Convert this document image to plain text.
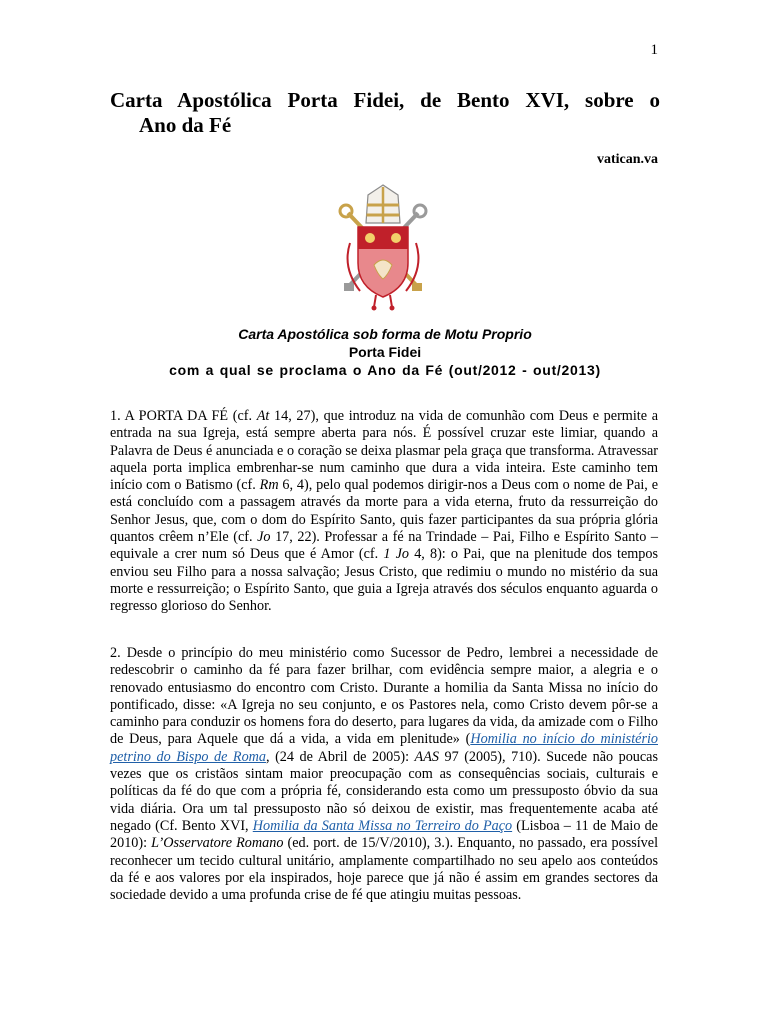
1
Carta Apostólica Porta Fidei, de Bento XVI, sobre o
Ano da Fé
vatican.va
Carta Apostólica sob forma de Motu Proprio
Porta Fidei
com a qual se proclama o Ano da Fé (out/2012 - out/2013)

1. A PORTA DA FÉ (cf. At 14, 27), que introduz na vida de comunhão com Deus e permite a entrada na sua Igreja, está sempre aberta para nós. É possível cruzar este limiar, quando a Palavra de Deus é anunciada e o coração se deixa plasmar pela graça que transforma. Atravessar aquela porta implica embrenhar-se num caminho que dura a vida inteira. Este caminho tem início com o Batismo (cf. Rm 6, 4), pelo qual podemos dirigir-nos a Deus com o nome de Pai, e está concluído com a passagem através da morte para a vida eterna, fruto da ressurreição do Senhor Jesus, que, com o dom do Espírito Santo, quis fazer participantes da sua própria glória quantos crêem n’Ele (cf. Jo 17, 22). Professar a fé na Trindade – Pai, Filho e Espírito Santo – equivale a crer num só Deus que é Amor (cf. 1 Jo 4, 8): o Pai, que na plenitude dos tempos enviou seu Filho para a nossa salvação; Jesus Cristo, que redimiu o mundo no mistério da sua morte e ressurreição; o Espírito Santo, que guia a Igreja através dos séculos enquanto aguarda o regresso glorioso do Senhor.

2. Desde o princípio do meu ministério como Sucessor de Pedro, lembrei a necessidade de redescobrir o caminho da fé para fazer brilhar, com evidência sempre maior, a alegria e o renovado entusiasmo do encontro com Cristo. Durante a homilia da Santa Missa no início do pontificado, disse: «A Igreja no seu conjunto, e os Pastores nela, como Cristo devem pôr-se a caminho para conduzir os homens fora do deserto, para lugares da vida, da amizade com o Filho de Deus, para Aquele que dá a vida, a vida em plenitude» (Homilia no início do ministério petrino do Bispo de Roma, (24 de Abril de 2005): AAS 97 (2005), 710). Sucede não poucas vezes que os cristãos sintam maior preocupação com as consequências sociais, culturais e políticas da fé do que com a própria fé, considerando esta como um pressuposto óbvio da sua vida diária. Ora um tal pressuposto não só deixou de existir, mas frequentemente acaba até negado (Cf. Bento XVI, Homilia da Santa Missa no Terreiro do Paço (Lisboa – 11 de Maio de 2010): L’Osservatore Romano (ed. port. de 15/V/2010), 3.). Enquanto, no passado, era possível reconhecer um tecido cultural unitário, amplamente compartilhado no seu apelo aos conteúdos da fé e aos valores por ela inspirados, hoje parece que já não é assim em grandes sectores da sociedade devido a uma profunda crise de fé que atingiu muitas pessoas.
